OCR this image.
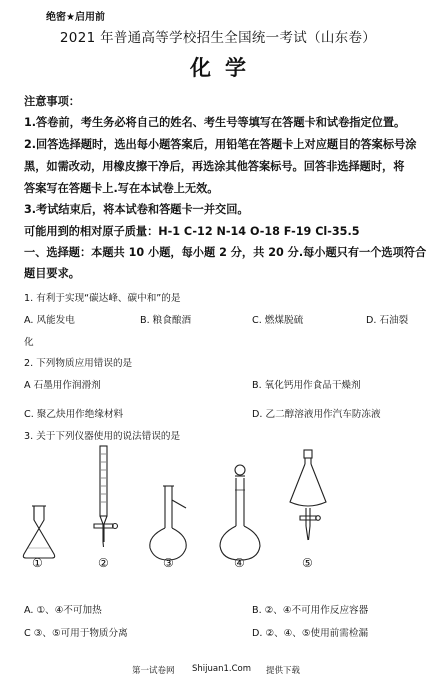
绝密★启用前
2021 年普通高等学校招生全国统一考试（山东卷）
化学
注意事项：
1.答卷前，考生务必将自己的姓名、考生号等填写在答题卡和试卷指定位置。
2.回答选择题时，选出每小题答案后，用铅笔在答题卡上对应题目的答案标号涂
黑，如需改动，用橡皮擦干净后，再选涂其他答案标号。回答非选择题时，将
答案写在答题卡上.写在本试卷上无效。
3.考试结束后，将本试卷和答题卡一并交回。
可能用到的相对原子质量：H-1 C-12 N-14 O-18 F-19 Cl-35.5
一、选择题：本题共 10 小题，每小题 2 分，共 20 分.每小题只有一个选项符合
题目要求。
1. 有利于实现“碳达峰、碳中和”的是
A. 风能发电	B. 粮食酿酒	C. 燃煤脱硫	D. 石油裂
化
2. 下列物质应用错误的是
A 石墨用作润滑剂	B. 氧化钙用作食品干燥剂
C. 聚乙炔用作绝缘材料	D. 乙二醇溶液用作汽车防冻液
3. 关于下列仪器使用的说法错误的是
①	②	③	④	⑤
A. ①、④不可加热	B. ②、④不可用作反应容器
C ③、⑤可用于物质分离	D. ②、④、⑤使用前需检漏
第一试卷网 Shijuan1.Com 提供下载
